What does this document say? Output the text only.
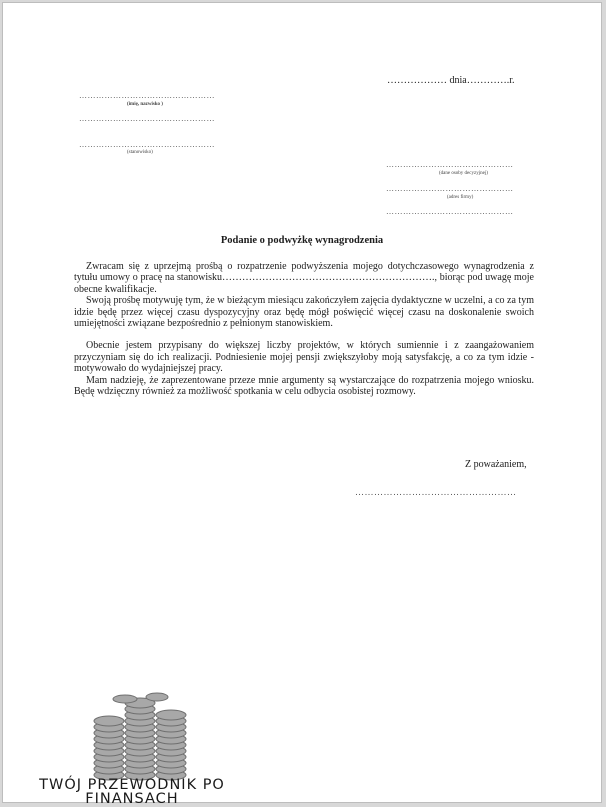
……………… dnia………….r.
…………………………………………
(imię, nazwisko )
…………………………………………
…………………………………………
(stanowisko)
………………………………………
(dane osoby decyzyjnej)
………………………………………
(adres firmy)
………………………………………
Podanie o podwyżkę wynagrodzenia

Zwracam się z uprzejmą prośbą o rozpatrzenie podwyższenia mojego dotychczasowego wynagrodzenia z tytułu umowy o pracę na stanowisku………………………………………………………., biorąc pod uwagę moje obecne kwalifikacje.

Swoją prośbę motywuję tym, że w bieżącym miesiącu zakończyłem zajęcia dydaktyczne w uczelni, a co za tym idzie będę przez więcej czasu dyspozycyjny oraz będę mógł poświęcić więcej czasu na doskonalenie swoich umiejętności związane bezpośrednio z pełnionym stanowiskiem.

Obecnie jestem przypisany do większej liczby projektów, w których sumiennie i z zaangażowaniem przyczyniam się do ich realizacji. Podniesienie mojej pensji zwiększyłoby moją satysfakcję, a co za tym idzie - motywowało do wydajniejszej pracy.

Mam nadzieję, że zaprezentowane przeze mnie argumenty są wystarczające do rozpatrzenia mojego wniosku. Będę wdzięczny również za możliwość spotkania w celu odbycia osobistej rozmowy.

Z poważaniem,
……………………………………………
TWÓJ PRZEWODNIK PO
FINANSACH
